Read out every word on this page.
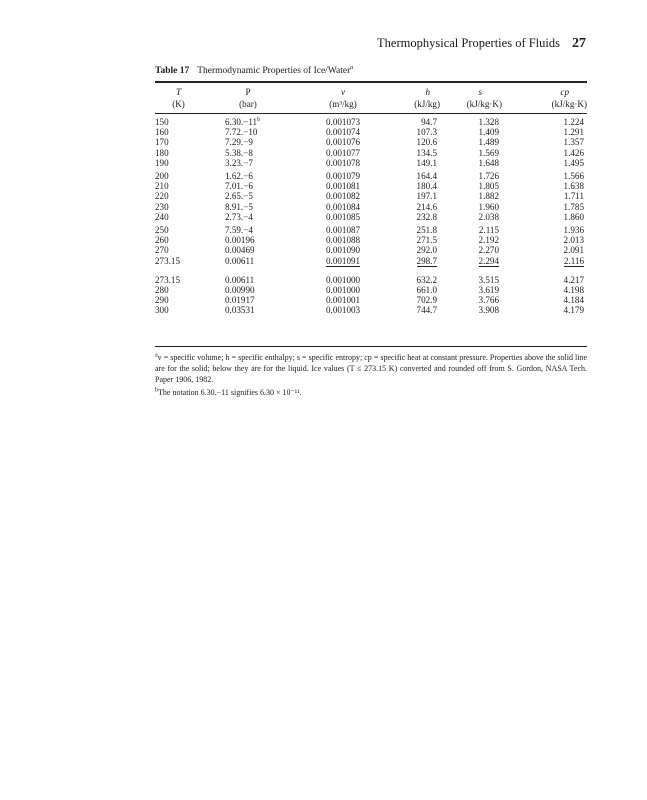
Thermophysical Properties of Fluids 27
Table 17 Thermodynamic Properties of Ice/Water$^a$
T	P	v	h	s	cp
(K)	(bar)	(m³/kg)	(kJ/kg)	(kJ/kg·K)	(kJ/kg·K)
150	$6.30.-11^b$	0.001073	94.7	1.328	1.224
160	7.72.−10	0.001074	107.3	1.409	1.291
170	7.29.−9	0.001076	120.6	1.489	1.357
180	5.38.−8	0.001077	134.5	1.569	1.426
190	3.23.−7	0.001078	149.1	1.648	1.495
200	1.62.−6	0.001079	164.4	1.726	1.566
210	7.01.−6	0.001081	180.4	1.805	1.638
220	2.65.−5	0.001082	197.1	1.882	1.711
230	8.91.−5	0.001084	214.6	1.960	1.785
240	2.73.−4	0.001085	232.8	2.038	1.860
250	7.59.−4	0.001087	251.8	2.115	1.936
260	0.00196	0.001088	271.5	2.192	2.013
270	0.00469	0.001090	292.0	2.270	2.091
273.15	0.00611	0.001091	298.7	2.294	2.116
273.15	0.00611	0.001000	632.2	3.515	4.217
280	0.00990	0.001000	661.0	3.619	4.198
290	0.01917	0.001001	702.9	3.766	4.184
300	0.03531	0.001003	744.7	3.908	4.179

$^a$v = specific volume; h = specific enthalpy; s = specific entropy; cp = specific heat at constant pressure. Properties above the solid line are for the solid; below they are for the liquid. Ice values (T ≤ 273.15 K) converted and rounded off from S. Gordon, NASA Tech. Paper 1906, 1982.

$^b$The notation 6.30.−11 signifies 6.30 × 10⁻¹¹.
